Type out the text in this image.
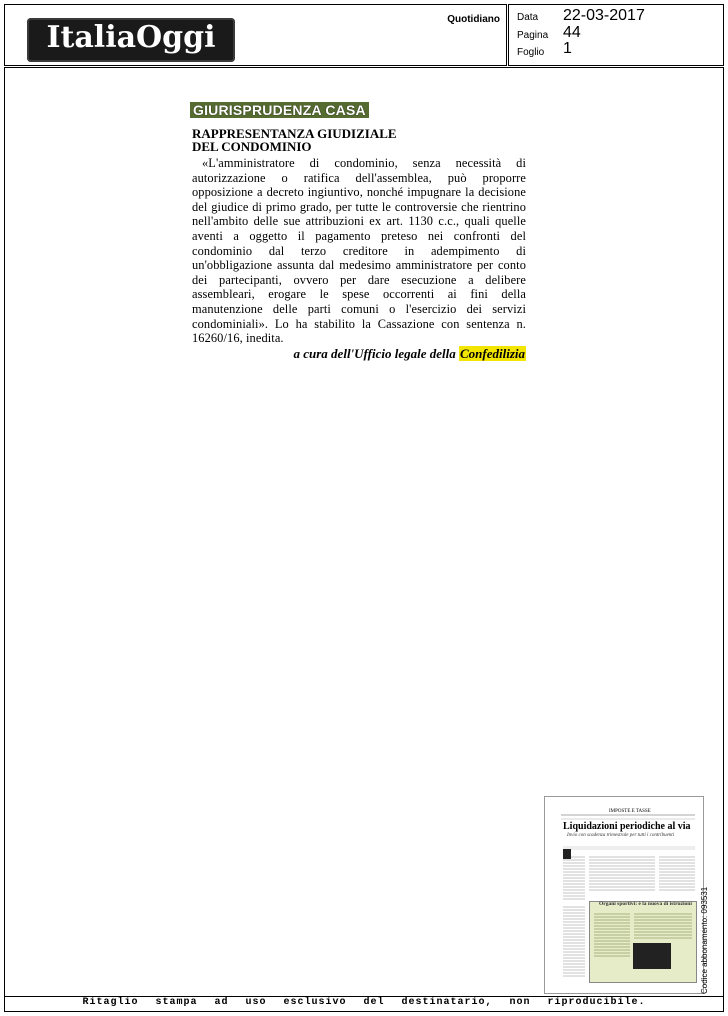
ItaliaOggi
Quotidiano Data 22-03-2017
Pagina 44
Foglio 1
GIURISPRUDENZA CASA
RAPPRESENTANZA GIUDIZIALE
DEL CONDOMINIO
«L'amministratore di condominio, senza necessità di autorizzazione o ratifica dell'assemblea, può proporre opposizione a decreto ingiuntivo, nonché impugnare la decisione del giudice di primo grado, per tutte le controversie che rientrino nell'ambito delle sue attribuzioni ex art. 1130 c.c., quali quelle aventi a oggetto il pagamento preteso nei confronti del condominio dal terzo creditore in adempimento di un'obbligazione assunta dal medesimo amministratore per conto dei partecipanti, ovvero per dare esecuzione a delibere assembleari, erogare le spese occorrenti ai fini della manutenzione delle parti comuni o l'esercizio dei servizi condominiali». Lo ha stabilito la Cassazione con sentenza n. 16260/16, inedita.
a cura dell'Ufficio legale della Confedilizia
IMPOSTE E TASSE
Liquidazioni periodiche al via
Invio con scadenza trimestrale per tutti i contribuenti
Organi sportivi: è la nuova di istruzioni Codice abbonamento: 093531
Ritaglio stampa ad uso esclusivo del destinatario, non riproducibile.
